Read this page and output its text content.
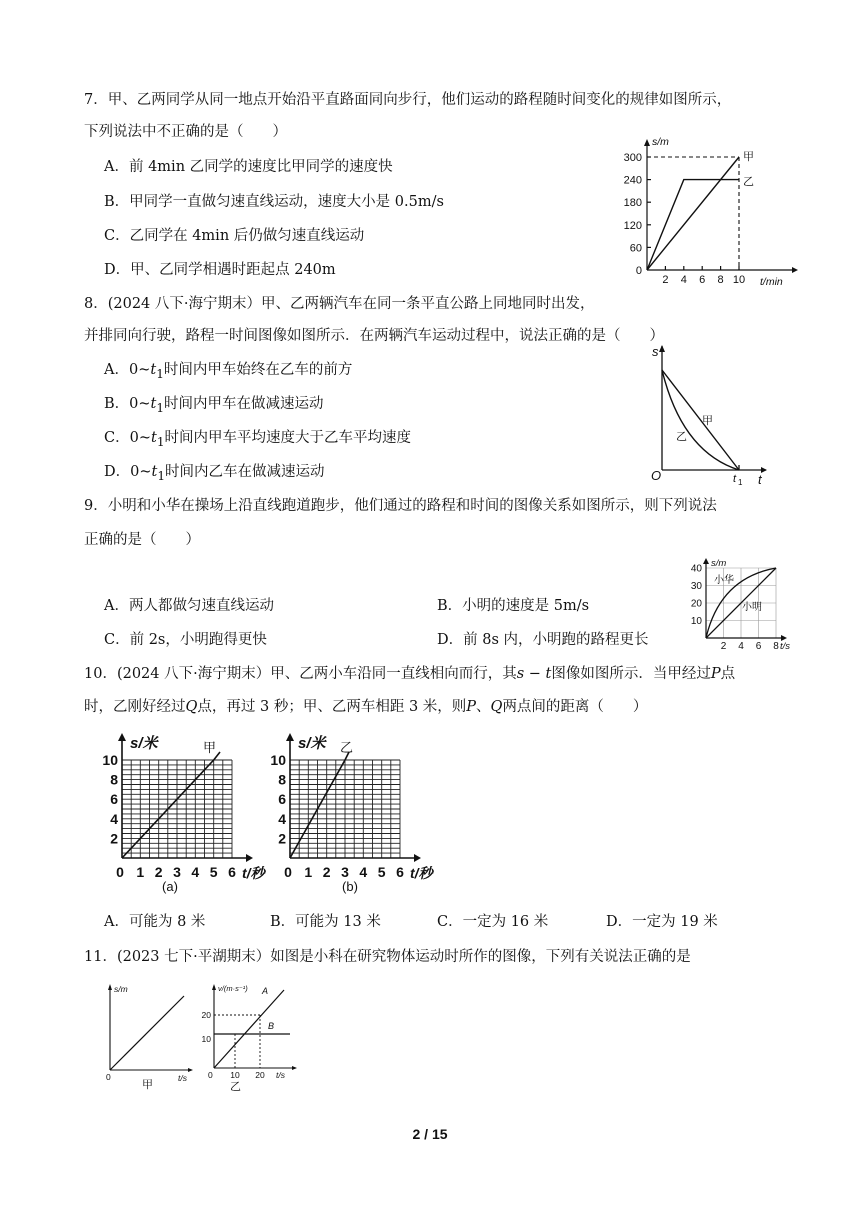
7．甲、乙两同学从同一地点开始沿平直路面同向步行，他们运动的路程随时间变化的规律如图所示，
下列说法中不正确的是（　　）
A．前 4min 乙同学的速度比甲同学的速度快
B．甲同学一直做匀速直线运动，速度大小是 0.5m/s
C．乙同学在 4min 后仍做匀速直线运动
D．甲、乙同学相遇时距起点 240m
300
240
180
120
60
0
2 4 6 8 10
s/m
t/min
甲
乙
8．(2024 八下·海宁期末）甲、乙两辆汽车在同一条平直公路上同地同时出发，
并排同向行驶，路程一时间图像如图所示．在两辆汽车运动过程中，说法正确的是（　　）
A．$0\sim t_1$时间内甲车始终在乙车的前方
B．$0\sim t_1$时间内甲车在做减速运动
C．$0\sim t_1$时间内甲车平均速度大于乙车平均速度
D．$0\sim t_1$时间内乙车在做减速运动
s
t
O	t 1
甲
乙
9．小明和小华在操场上沿直线跑道跑步，他们通过的路程和时间的图像关系如图所示，则下列说法
正确的是（　　）
A．两人都做匀速直线运动	B．小明的速度是 5m/s
C．前 2s，小明跑得更快	D．前 8s 内，小明跑的路程更长
40
30
20
10
2 4 6 8
s/m
t/s
小华
小明
10．(2024 八下·海宁期末）甲、乙两小车沿同一直线相向而行，其s − t图像如图所示．当甲经过P点
时，乙刚好经过Q点，再过 3 秒；甲、乙两车相距 3 米，则P、Q两点间的距离（　　）
10
8
6
4
2
0 1 2 3 4 5 6
s/米
t/秒
甲
(a)
10
8
6
4
2
0 1 2 3 4 5 6
s/米
t/秒
乙
(b)
A．可能为 8 米	B．可能为 13 米	C．一定为 16 米	D．一定为 19 米
11．(2023 七下·平湖期末）如图是小科在研究物体运动时所作的图像，下列有关说法正确的是
s/m
t/s
0
甲
v/(m·s⁻¹)
20
10
10 20 t/s
0
A
B
乙
2 / 15
